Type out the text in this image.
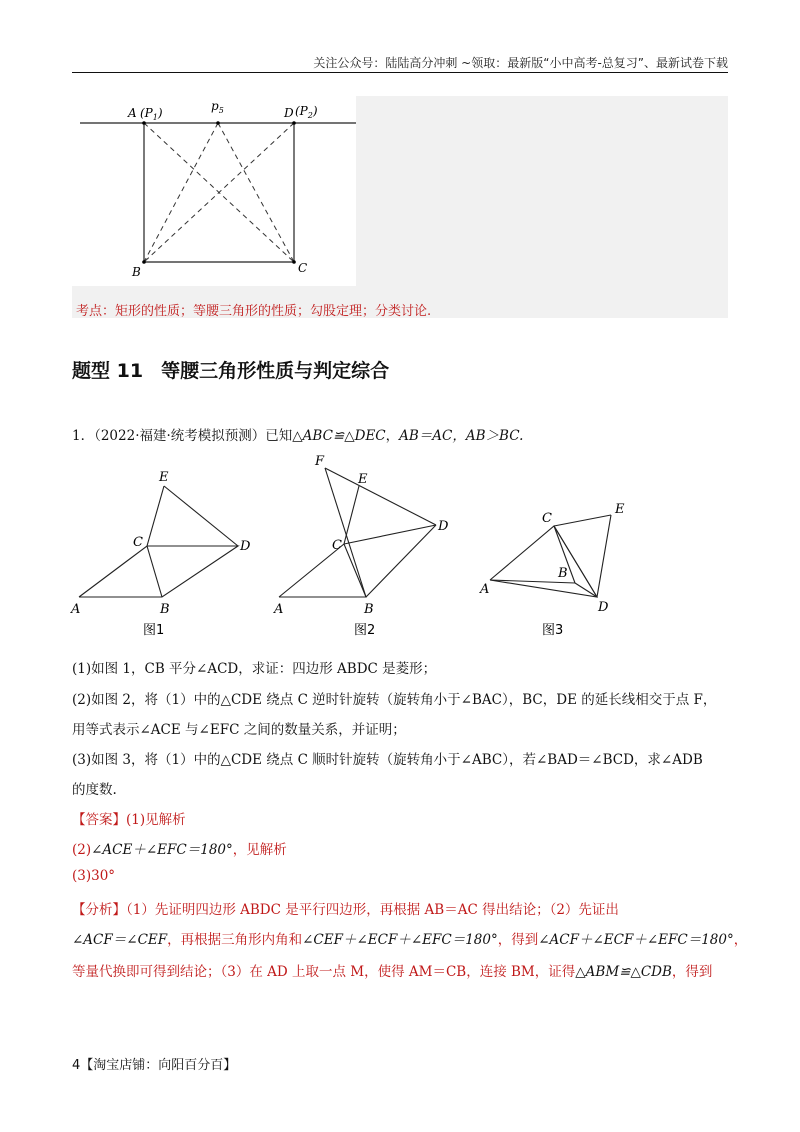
关注公众号：陆陆高分冲刺 ~领取：最新版“小中高考-总复习”、最新试卷下载
A $(P_1)$	$p_5$	D $(P_2)$
B	C
考点：矩形的性质；等腰三角形的性质；勾股定理；分类讨论.
题型 11 等腰三角形性质与判定综合
1．（2022·福建·统考模拟预测）已知△ABC≌△DEC，AB＝AC，AB＞BC.
A	B
C	D
E
图1
A	B
C
D
E
F
图2
A
B
C
D
E
图3
(1)如图 1，CB 平分∠ACD，求证：四边形 ABDC 是菱形；
(2)如图 2，将（1）中的△CDE 绕点 C 逆时针旋转（旋转角小于∠BAC），BC，DE 的延长线相交于点 F，
用等式表示∠ACE 与∠EFC 之间的数量关系，并证明；
(3)如图 3，将（1）中的△CDE 绕点 C 顺时针旋转（旋转角小于∠ABC），若∠BAD＝∠BCD，求∠ADB
的度数.
【答案】(1)见解析
(2)∠ACE＋∠EFC＝180°，见解析
(3)30°
【分析】（1）先证明四边形 ABDC 是平行四边形，再根据 AB＝AC 得出结论；（2）先证出
∠ACF＝∠CEF，再根据三角形内角和∠CEF＋∠ECF＋∠EFC＝180°，得到∠ACF＋∠ECF＋∠EFC＝180°，
等量代换即可得到结论；（3）在 AD 上取一点 M，使得 AM＝CB，连接 BM，证得△ABM≌△CDB，得到
4【淘宝店铺：向阳百分百】
